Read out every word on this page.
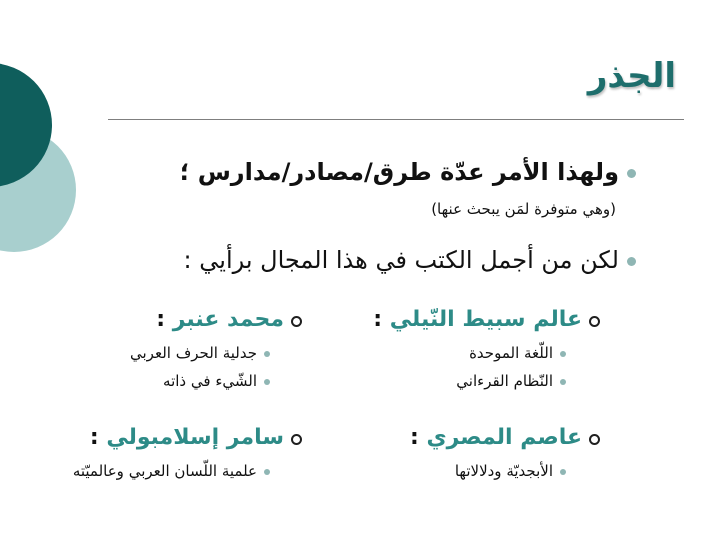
الجذر
ولهذا الأمر عدّة طرق/مصادر/مدارس ؛
(وهي متوفرة لمَن يبحث عنها)
لكن من أجمل الكتب في هذا المجال برأيي :
محمد عنبر :
جدلية الحرف العربي
الشّيء في ذاته
عالم سبيط النّيلي :
اللّغة الموحدة
النّظام القرءاني
سامر إسلامبولي :
علمية اللّسان العربي وعالميّته
عاصم المصري :
الأبجديّة ودلالاتها
